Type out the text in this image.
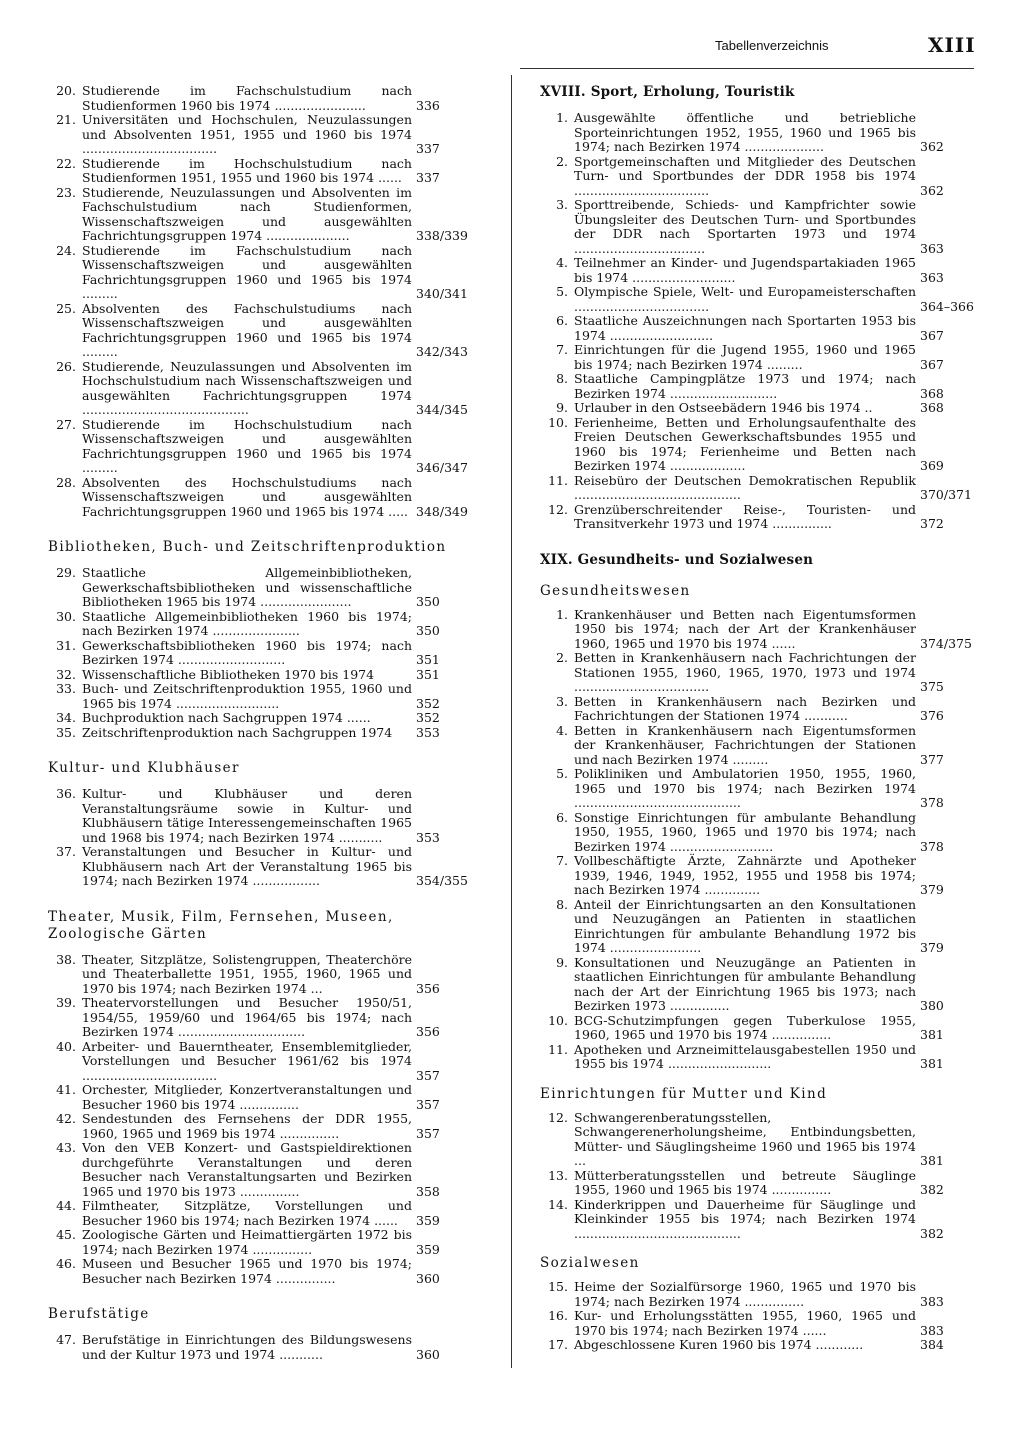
Tabellenverzeichnis	XIII
20. Studierende im Fachschulstudium nach Studienformen 1960 bis 1974 .......................	336
21. Universitäten und Hochschulen, Neuzulassungen und Absolventen 1951, 1955 und 1960 bis 1974 ..................................	337
22. Studierende im Hochschulstudium nach Studienformen 1951, 1955 und 1960 bis 1974 ......	337
23. Studierende, Neuzulassungen und Absolventen im Fachschulstudium nach Studienformen, Wissenschaftszweigen und ausgewählten Fachrichtungsgruppen 1974 .....................	338/339
24. Studierende im Fachschulstudium nach Wissenschaftszweigen und ausgewählten Fachrichtungsgruppen 1960 und 1965 bis 1974 .........	340/341
25. Absolventen des Fachschulstudiums nach Wissenschaftszweigen und ausgewählten Fachrichtungsgruppen 1960 und 1965 bis 1974 .........	342/343
26. Studierende, Neuzulassungen und Absolventen im Hochschulstudium nach Wissenschaftszweigen und ausgewählten Fachrichtungsgruppen 1974 ..........................................	344/345
27. Studierende im Hochschulstudium nach Wissenschaftszweigen und ausgewählten Fachrichtungsgruppen 1960 und 1965 bis 1974 .........	346/347
28. Absolventen des Hochschulstudiums nach Wissenschaftszweigen und ausgewählten Fachrichtungsgruppen 1960 und 1965 bis 1974 ..... 348/349
Bibliotheken, Buch- und Zeitschriftenproduktion
29. Staatliche Allgemeinbibliotheken, Gewerkschaftsbibliotheken und wissenschaftliche Bibliotheken 1965 bis 1974 .......................	350
30. Staatliche Allgemeinbibliotheken 1960 bis 1974; nach Bezirken 1974 ......................	350
31. Gewerkschaftsbibliotheken 1960 bis 1974; nach Bezirken 1974 ...........................	351
32. Wissenschaftliche Bibliotheken 1970 bis 1974	351
33. Buch- und Zeitschriftenproduktion 1955, 1960 und 1965 bis 1974 ..........................	352
34. Buchproduktion nach Sachgruppen 1974 ......	352
35. Zeitschriftenproduktion nach Sachgruppen 1974	353
Kultur- und Klubhäuser
36. Kultur- und Klubhäuser und deren Veranstaltungsräume sowie in Kultur- und Klubhäusern tätige Interessengemeinschaften 1965 und 1968 bis 1974; nach Bezirken 1974 ...........	353
37. Veranstaltungen und Besucher in Kultur- und Klubhäusern nach Art der Veranstaltung 1965 bis 1974; nach Bezirken 1974 .................	354/355
Theater, Musik, Film, Fernsehen, Museen, Zoologische Gärten
38. Theater, Sitzplätze, Solistengruppen, Theaterchöre und Theaterballette 1951, 1955, 1960, 1965 und 1970 bis 1974; nach Bezirken 1974 ...	356
39. Theatervorstellungen und Besucher 1950/51, 1954/55, 1959/60 und 1964/65 bis 1974; nach Bezirken 1974 ................................	356
40. Arbeiter- und Bauerntheater, Ensemblemitglieder, Vorstellungen und Besucher 1961/62 bis 1974 ..................................	357
41. Orchester, Mitglieder, Konzertveranstaltungen und Besucher 1960 bis 1974 ...............	357
42. Sendestunden des Fernsehens der DDR 1955, 1960, 1965 und 1969 bis 1974 ...............	357
43. Von den VEB Konzert- und Gastspieldirektionen durchgeführte Veranstaltungen und deren Besucher nach Veranstaltungsarten und Bezirken 1965 und 1970 bis 1973 ...............	358
44. Filmtheater, Sitzplätze, Vorstellungen und Besucher 1960 bis 1974; nach Bezirken 1974 ......	359
45. Zoologische Gärten und Heimattiergärten 1972 bis 1974; nach Bezirken 1974 ...............	359
46. Museen und Besucher 1965 und 1970 bis 1974; Besucher nach Bezirken 1974 ...............	360
Berufstätige
47. Berufstätige in Einrichtungen des Bildungswesens und der Kultur 1973 und 1974 ...........	360
XVIII. Sport, Erholung, Touristik
1. Ausgewählte öffentliche und betriebliche Sporteinrichtungen 1952, 1955, 1960 und 1965 bis 1974; nach Bezirken 1974 ....................	362
2. Sportgemeinschaften und Mitglieder des Deutschen Turn- und Sportbundes der DDR 1958 bis 1974 ..................................	362
3. Sporttreibende, Schieds- und Kampfrichter sowie Übungsleiter des Deutschen Turn- und Sportbundes der DDR nach Sportarten 1973 und 1974 .................................	363
4. Teilnehmer an Kinder- und Jugendspartakiaden 1965 bis 1974 ..........................	363
5. Olympische Spiele, Welt- und Europameisterschaften ..................................	364–366
6. Staatliche Auszeichnungen nach Sportarten 1953 bis 1974 ..........................	367
7. Einrichtungen für die Jugend 1955, 1960 und 1965 bis 1974; nach Bezirken 1974 .........	367
8. Staatliche Campingplätze 1973 und 1974; nach Bezirken 1974 ...........................	368
9. Urlauber in den Ostseebädern 1946 bis 1974 ..	368
10. Ferienheime, Betten und Erholungsaufenthalte des Freien Deutschen Gewerkschaftsbundes 1955 und 1960 bis 1974; Ferienheime und Betten nach Bezirken 1974 ...................	369
11. Reisebüro der Deutschen Demokratischen Republik ..........................................	370/371
12. Grenzüberschreitender Reise-, Touristen- und Transitverkehr 1973 und 1974 ...............	372
XIX. Gesundheits- und Sozialwesen
Gesundheitswesen
1. Krankenhäuser und Betten nach Eigentumsformen 1950 bis 1974; nach der Art der Krankenhäuser 1960, 1965 und 1970 bis 1974 ......	374/375
2. Betten in Krankenhäusern nach Fachrichtungen der Stationen 1955, 1960, 1965, 1970, 1973 und 1974 ..................................	375
3. Betten in Krankenhäusern nach Bezirken und Fachrichtungen der Stationen 1974 ...........	376
4. Betten in Krankenhäusern nach Eigentumsformen der Krankenhäuser, Fachrichtungen der Stationen und nach Bezirken 1974 .........	377
5. Polikliniken und Ambulatorien 1950, 1955, 1960, 1965 und 1970 bis 1974; nach Bezirken 1974 ..........................................	378
6. Sonstige Einrichtungen für ambulante Behandlung 1950, 1955, 1960, 1965 und 1970 bis 1974; nach Bezirken 1974 ..........................	378
7. Vollbeschäftigte Ärzte, Zahnärzte und Apotheker 1939, 1946, 1949, 1952, 1955 und 1958 bis 1974; nach Bezirken 1974 ..............	379
8. Anteil der Einrichtungsarten an den Konsultationen und Neuzugängen an Patienten in staatlichen Einrichtungen für ambulante Behandlung 1972 bis 1974 .......................	379
9. Konsultationen und Neuzugänge an Patienten in staatlichen Einrichtungen für ambulante Behandlung nach der Art der Einrichtung 1965 bis 1973; nach Bezirken 1973 ...............	380
10. BCG-Schutzimpfungen gegen Tuberkulose 1955, 1960, 1965 und 1970 bis 1974 ...............	381
11. Apotheken und Arzneimittelausgabestellen 1950 und 1955 bis 1974 ..........................	381
Einrichtungen für Mutter und Kind
12. Schwangerenberatungsstellen, Schwangerenerholungsheime, Entbindungsbetten, Mütter- und Säuglingsheime 1960 und 1965 bis 1974 ...	381
13. Mütterberatungsstellen und betreute Säuglinge 1955, 1960 und 1965 bis 1974 ...............	382
14. Kinderkrippen und Dauerheime für Säuglinge und Kleinkinder 1955 bis 1974; nach Bezirken 1974 ..........................................	382
Sozialwesen
15. Heime der Sozialfürsorge 1960, 1965 und 1970 bis 1974; nach Bezirken 1974 ...............	383
16. Kur- und Erholungsstätten 1955, 1960, 1965 und 1970 bis 1974; nach Bezirken 1974 ......	383
17. Abgeschlossene Kuren 1960 bis 1974 ............	384
